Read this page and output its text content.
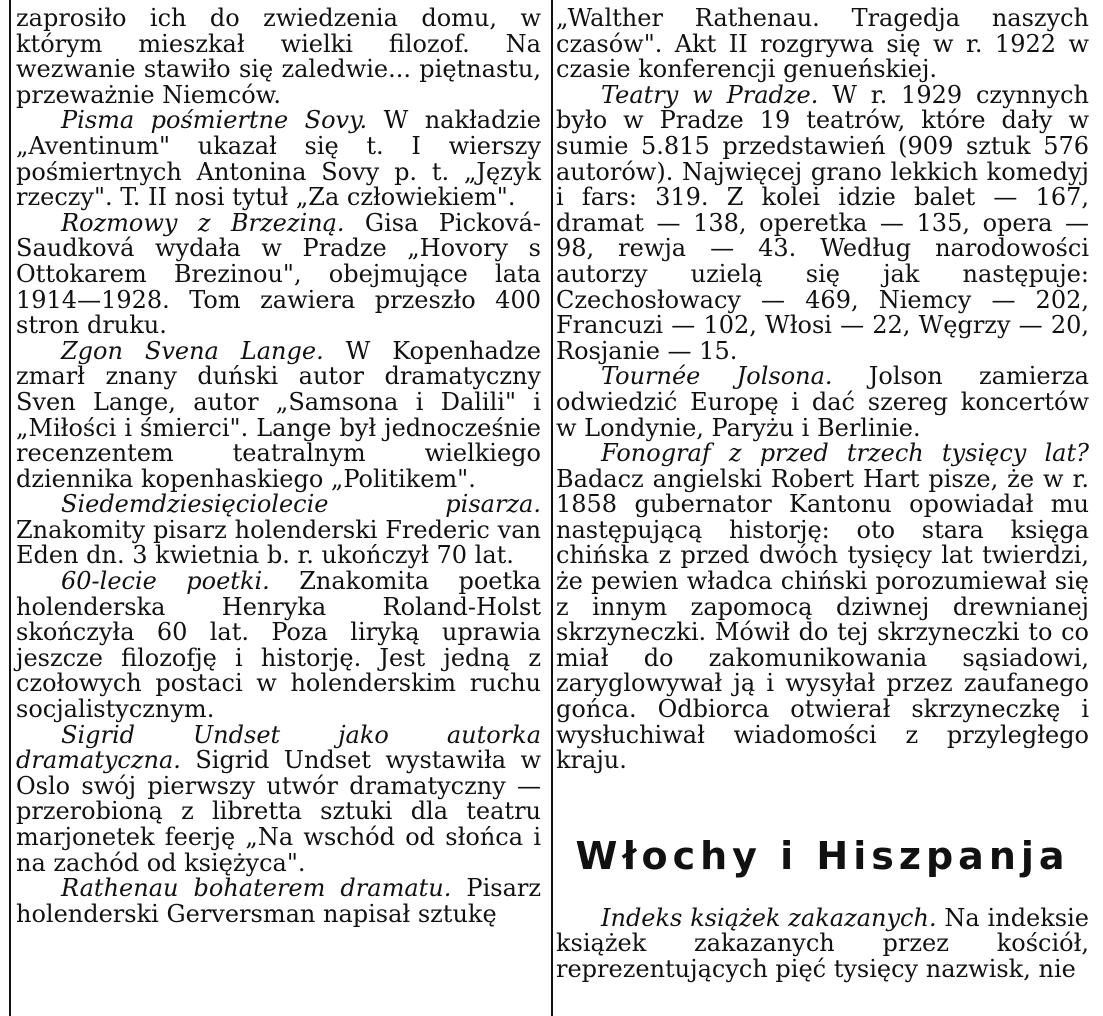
zaprosiło ich do zwiedzenia domu, w którym mieszkał wielki filozof. Na wezwanie stawiło się zaledwie... piętnastu, przeważnie Niemców.

Pisma pośmiertne Sovy. W nakładzie „Aventinum" ukazał się t. I wierszy pośmiertnych Antonina Sovy p. t. „Język rzeczy". T. II nosi tytuł „Za człowiekiem".

Rozmowy z Brzeziną. Gisa Picková-Saudková wydała w Pradze „Hovory s Ottokarem Brezinou", obejmujące lata 1914—1928. Tom zawiera przeszło 400 stron druku.

Zgon Svena Lange. W Kopenhadze zmarł znany duński autor dramatyczny Sven Lange, autor „Samsona i Dalili" i „Miłości i śmierci". Lange był jednocześnie recenzentem teatralnym wielkiego dziennika kopenhaskiego „Politikem".

Siedemdziesięciolecie pisarza. Znakomity pisarz holenderski Frederic van Eden dn. 3 kwietnia b. r. ukończył 70 lat.

60-lecie poetki. Znakomita poetka holenderska Henryka Roland-Holst skończyła 60 lat. Poza liryką uprawia jeszcze filozofję i historję. Jest jedną z czołowych postaci w holenderskim ruchu socjalistycznym.

Sigrid Undset jako autorka dramatyczna. Sigrid Undset wystawiła w Oslo swój pierwszy utwór dramatyczny — przerobioną z libretta sztuki dla teatru marjonetek feerję „Na wschód od słońca i na zachód od księżyca".

Rathenau bohaterem dramatu. Pisarz holenderski Gerversman napisał sztukę

„Walther Rathenau. Tragedja naszych czasów". Akt II rozgrywa się w r. 1922 w czasie konferencji genueńskiej.

Teatry w Pradze. W r. 1929 czynnych było w Pradze 19 teatrów, które dały w sumie 5.815 przedstawień (909 sztuk 576 autorów). Najwięcej grano lekkich komedyj i fars: 319. Z kolei idzie balet — 167, dramat — 138, operetka — 135, opera — 98, rewja — 43. Według narodowości autorzy uzielą się jak następuje: Czechosłowacy — 469, Niemcy — 202, Francuzi — 102, Włosi — 22, Węgrzy — 20, Rosjanie — 15.

Tournée Jolsona. Jolson zamierza odwiedzić Europę i dać szereg koncertów w Londynie, Paryżu i Berlinie.

Fonograf z przed trzech tysięcy lat? Badacz angielski Robert Hart pisze, że w r. 1858 gubernator Kantonu opowiadał mu następującą historję: oto stara księga chińska z przed dwóch tysięcy lat twierdzi, że pewien władca chiński porozumiewał się z innym zapomocą dziwnej drewnianej skrzyneczki. Mówił do tej skrzyneczki to co miał do zakomunikowania sąsiadowi, zaryglowywał ją i wysyłał przez zaufanego gońca. Odbiorca otwierał skrzyneczkę i wysłuchiwał wiadomości z przyległego kraju.

Włochy i Hiszpanja

Indeks książek zakazanych. Na indeksie książek zakazanych przez kościół, reprezentujących pięć tysięcy nazwisk, nie
